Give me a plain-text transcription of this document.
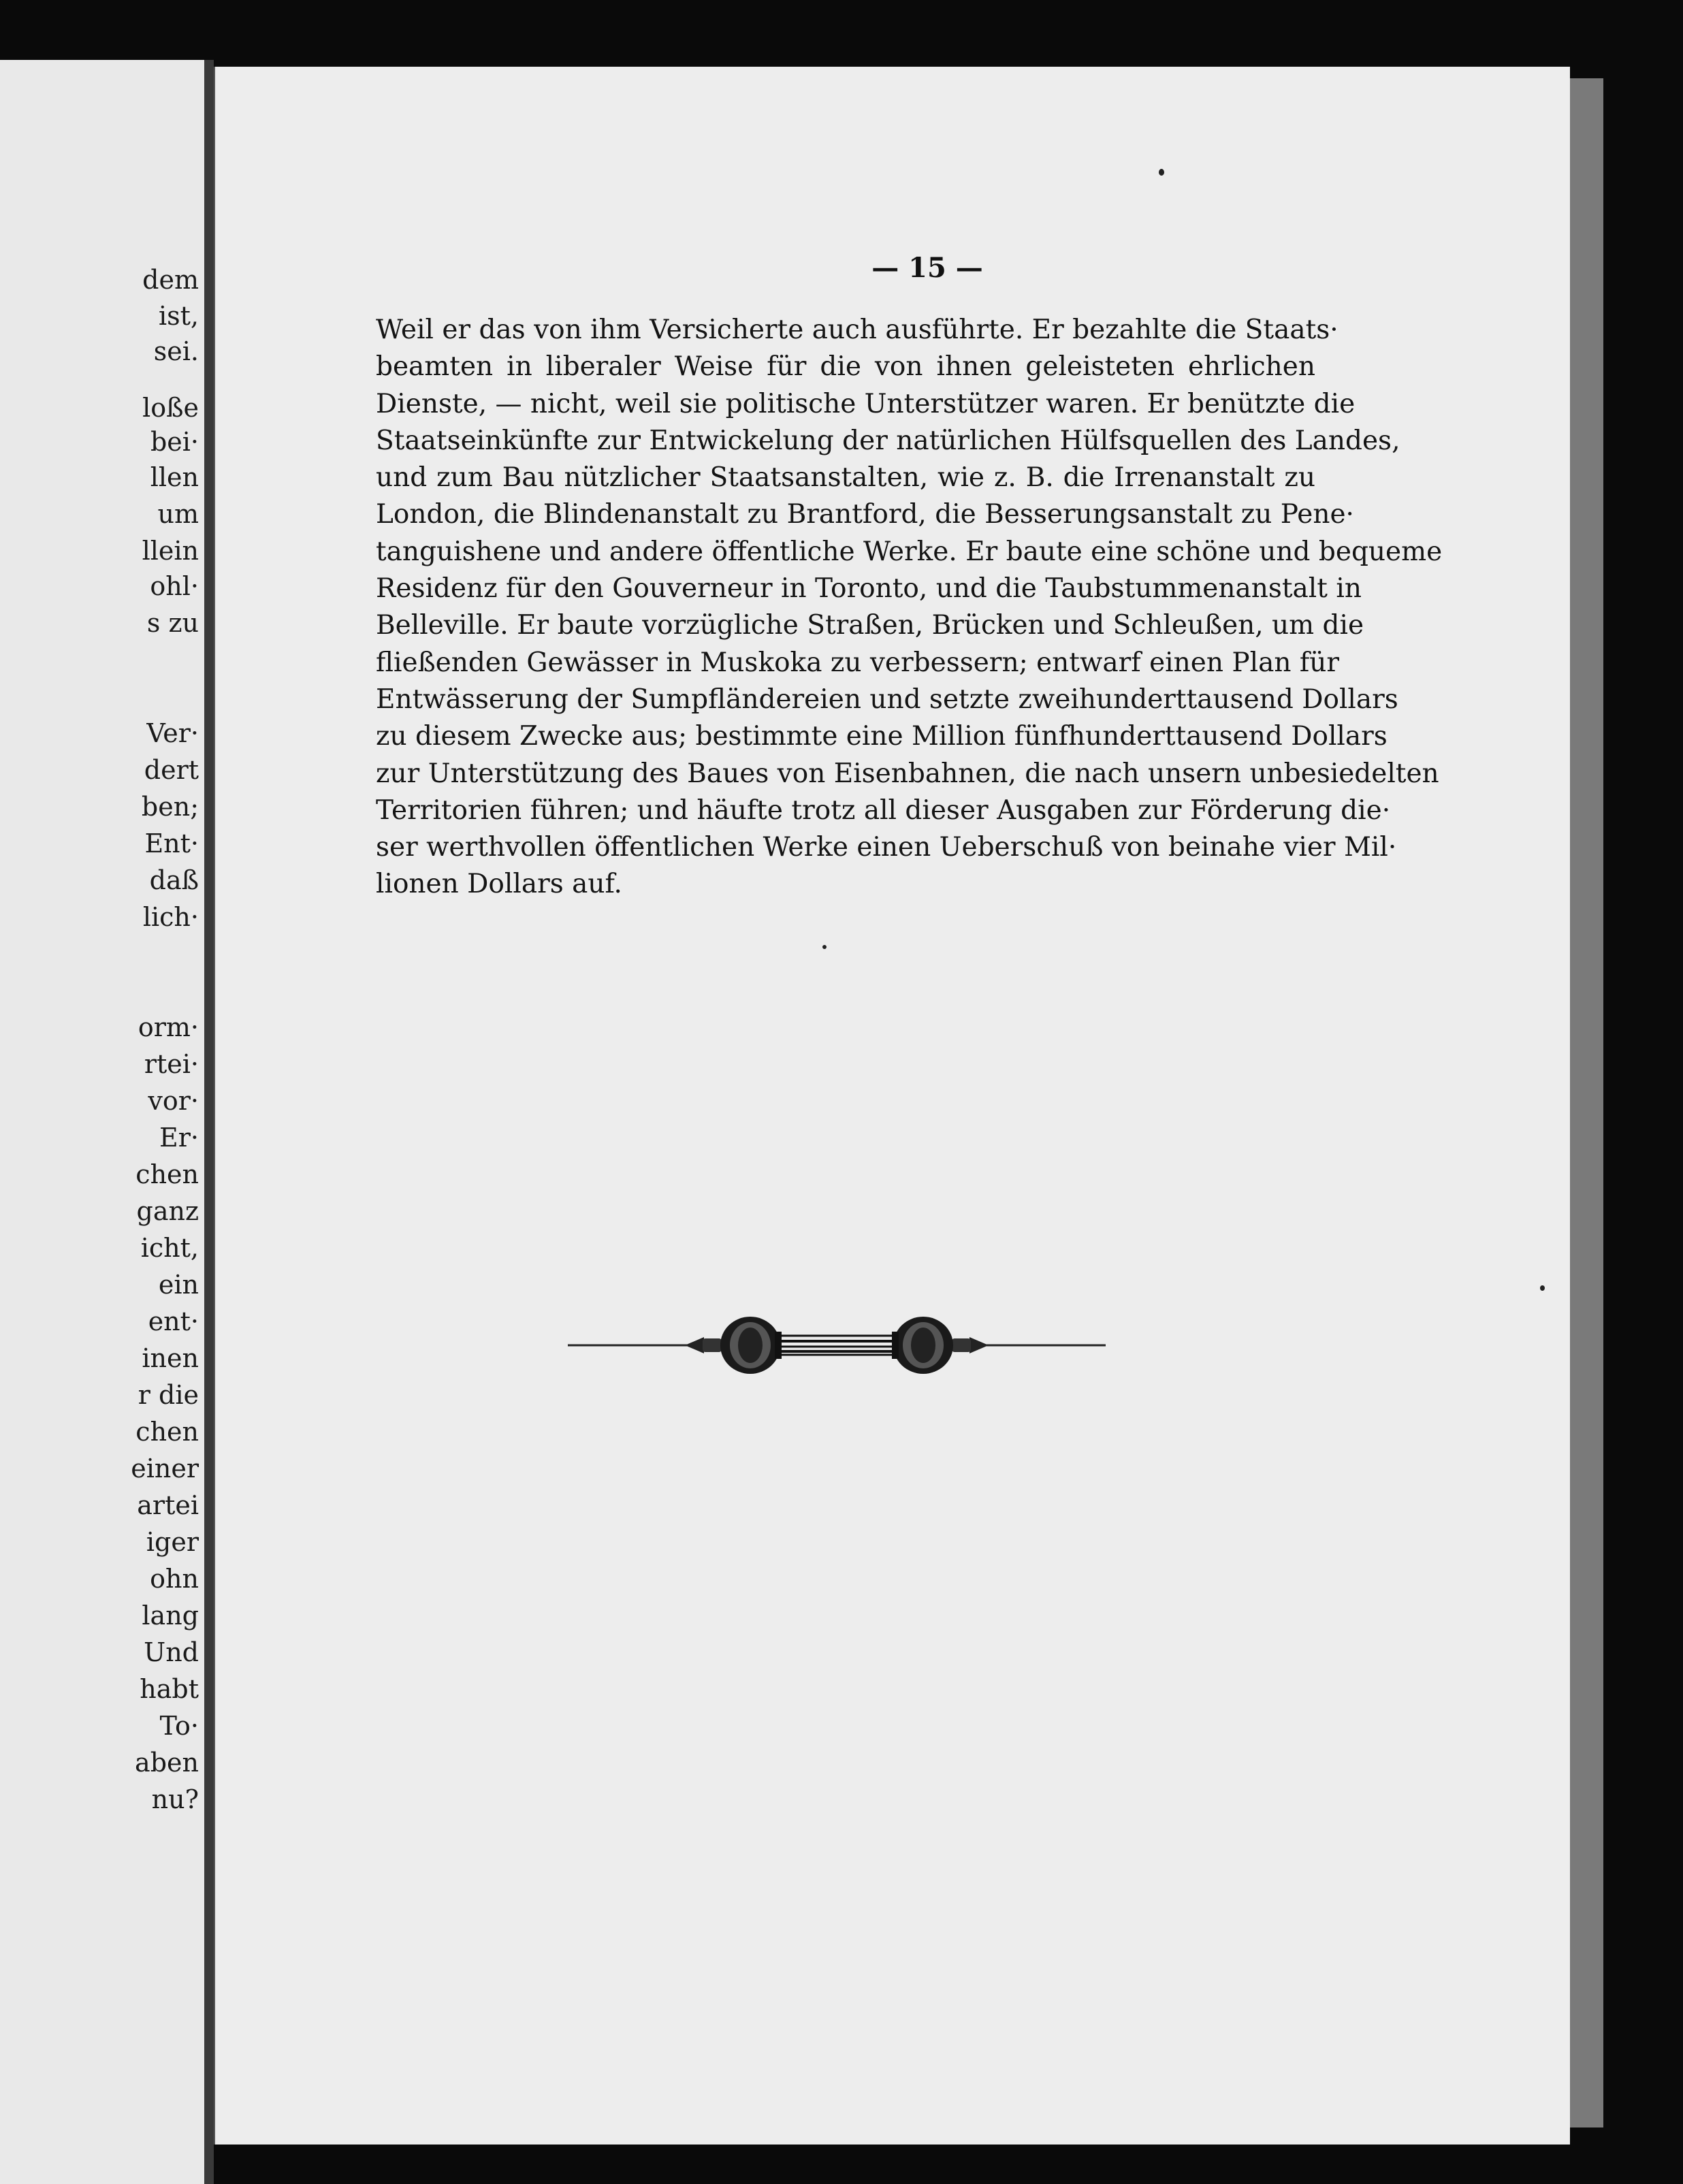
dem
ist,
sei.
loße
bei·
llen
um
llein
ohl·
s zu
Ver·
dert
ben;
Ent·
daß
lich·
orm·
rtei·
vor·
Er·
chen
ganz
icht,
ein
ent·
inen
r die
chen
einer
artei
iger
ohn
lang
Und
habt
To·
aben
nu?
— 15 —
Weil er das von ihm Versicherte auch ausführte. Er bezahlte die Staats·
beamten in liberaler Weise für die von ihnen geleisteten ehrlichen
Dienste, — nicht, weil sie politische Unterstützer waren. Er benützte die
Staatseinkünfte zur Entwickelung der natürlichen Hülfsquellen des Landes,
und zum Bau nützlicher Staatsanstalten, wie z. B. die Irrenanstalt zu
London, die Blindenanstalt zu Brantford, die Besserungsanstalt zu Pene·
tanguishene und andere öffentliche Werke. Er baute eine schöne und bequeme
Residenz für den Gouverneur in Toronto, und die Taubstummenanstalt in
Belleville. Er baute vorzügliche Straßen, Brücken und Schleußen, um die
fließenden Gewässer in Muskoka zu verbessern; entwarf einen Plan für
Entwässerung der Sumpfländereien und setzte zweihunderttausend Dollars
zu diesem Zwecke aus; bestimmte eine Million fünfhunderttausend Dollars
zur Unterstützung des Baues von Eisenbahnen, die nach unsern unbesiedelten
Territorien führen; und häufte trotz all dieser Ausgaben zur Förderung die·
ser werthvollen öffentlichen Werke einen Ueberschuß von beinahe vier Mil·
lionen Dollars auf.
